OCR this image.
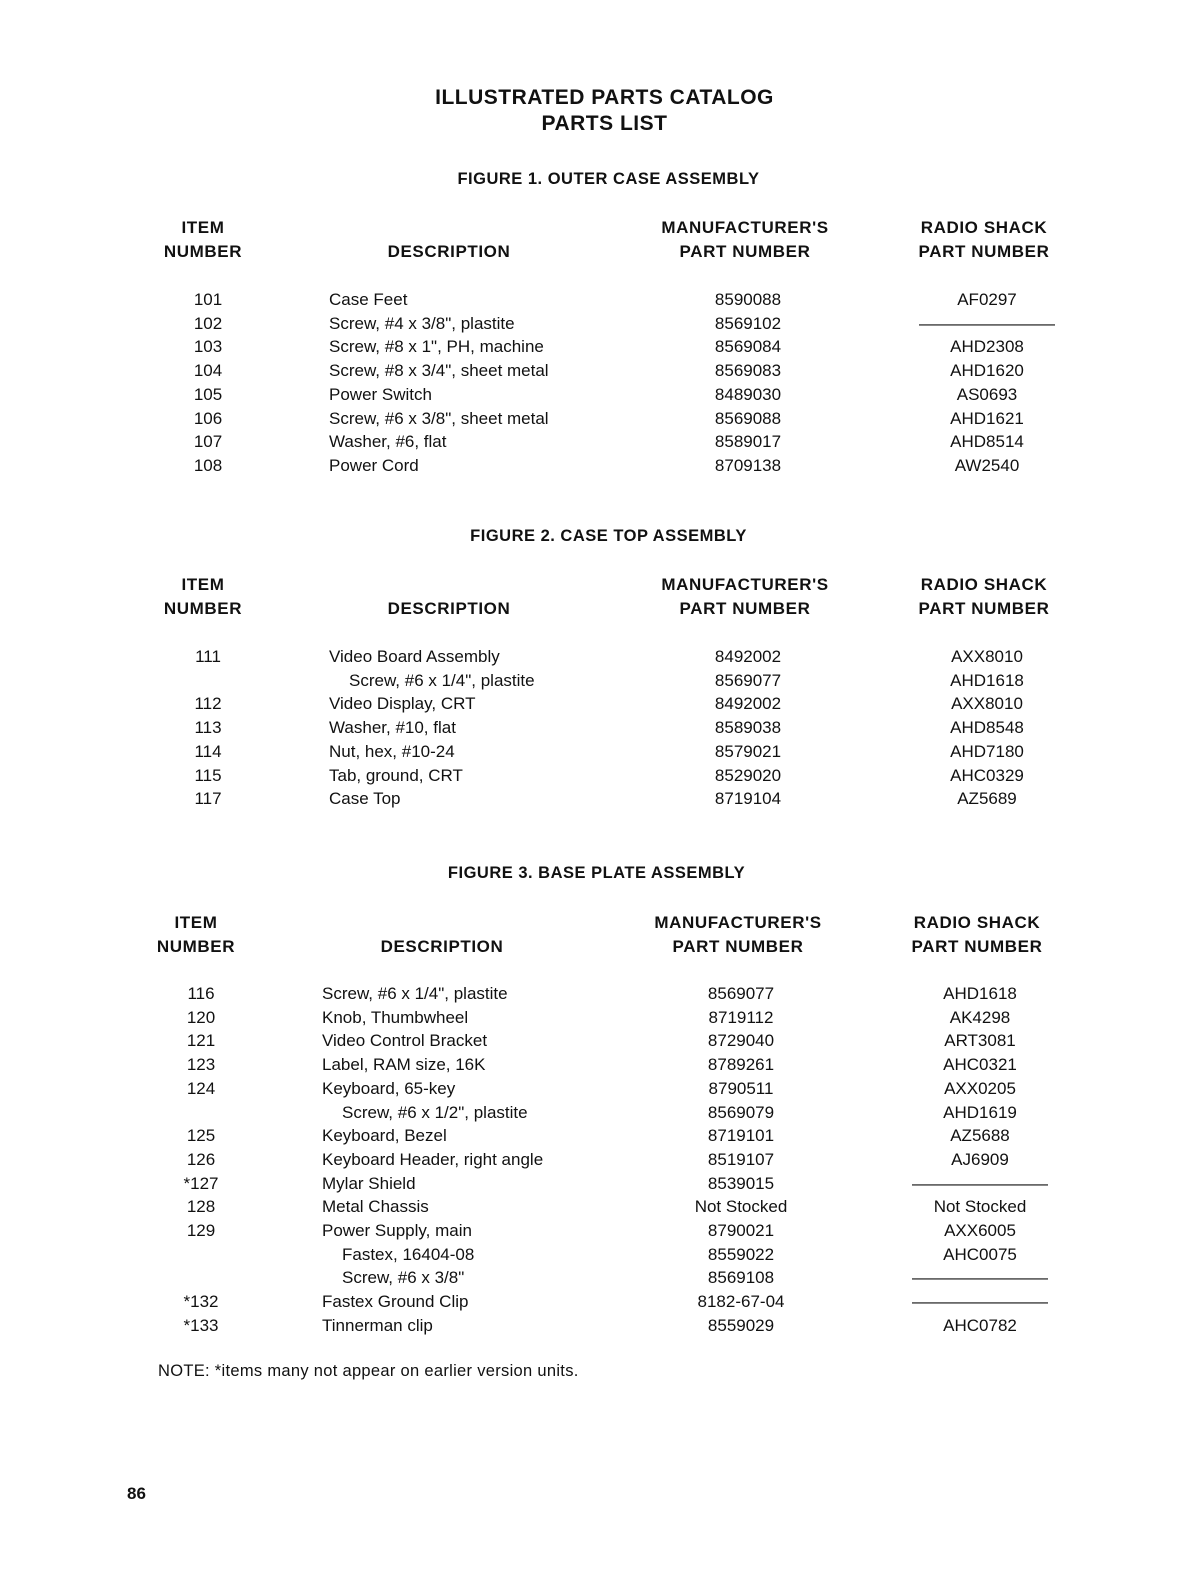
ILLUSTRATED PARTS CATALOG
PARTS LIST
FIGURE 1. OUTER CASE ASSEMBLY
ITEM
NUMBER
	DESCRIPTION
MANUFACTURER'S
PART NUMBER
RADIO SHACK
PART NUMBER
101	Case Feet	8590088	AF0297
102	Screw, #4 x 3/8", plastite	8569102	————————
103	Screw, #8 x 1", PH, machine	8569084	AHD2308
104	Screw, #8 x 3/4", sheet metal	8569083	AHD1620
105	Power Switch	8489030	AS0693
106	Screw, #6 x 3/8", sheet metal	8569088	AHD1621
107	Washer, #6, flat	8589017	AHD8514
108	Power Cord	8709138	AW2540
FIGURE 2. CASE TOP ASSEMBLY
ITEM
NUMBER
	DESCRIPTION
MANUFACTURER'S
PART NUMBER
RADIO SHACK
PART NUMBER
111	Video Board Assembly	8492002	AXX8010
Screw, #6 x 1/4", plastite	8569077	AHD1618
112	Video Display, CRT	8492002	AXX8010
113	Washer, #10, flat	8589038	AHD8548
114	Nut, hex, #10-24	8579021	AHD7180
115	Tab, ground, CRT	8529020	AHC0329
117	Case Top	8719104	AZ5689
FIGURE 3. BASE PLATE ASSEMBLY
ITEM
NUMBER
	DESCRIPTION
MANUFACTURER'S
PART NUMBER
RADIO SHACK
PART NUMBER
116	Screw, #6 x 1/4", plastite	8569077	AHD1618
120	Knob, Thumbwheel	8719112	AK4298
121	Video Control Bracket	8729040	ART3081
123	Label, RAM size, 16K	8789261	AHC0321
124	Keyboard, 65-key	8790511	AXX0205
Screw, #6 x 1/2", plastite	8569079	AHD1619
125	Keyboard, Bezel	8719101	AZ5688
126	Keyboard Header, right angle	8519107	AJ6909
*127	Mylar Shield	8539015	————————
128	Metal Chassis	Not Stocked	Not Stocked
129	Power Supply, main	8790021	AXX6005
Fastex, 16404-08	8559022	AHC0075
Screw, #6 x 3/8"	8569108	————————
*132	Fastex Ground Clip	8182-67-04	————————
*133	Tinnerman clip	8559029	AHC0782
NOTE: *items many not appear on earlier version units.
86
